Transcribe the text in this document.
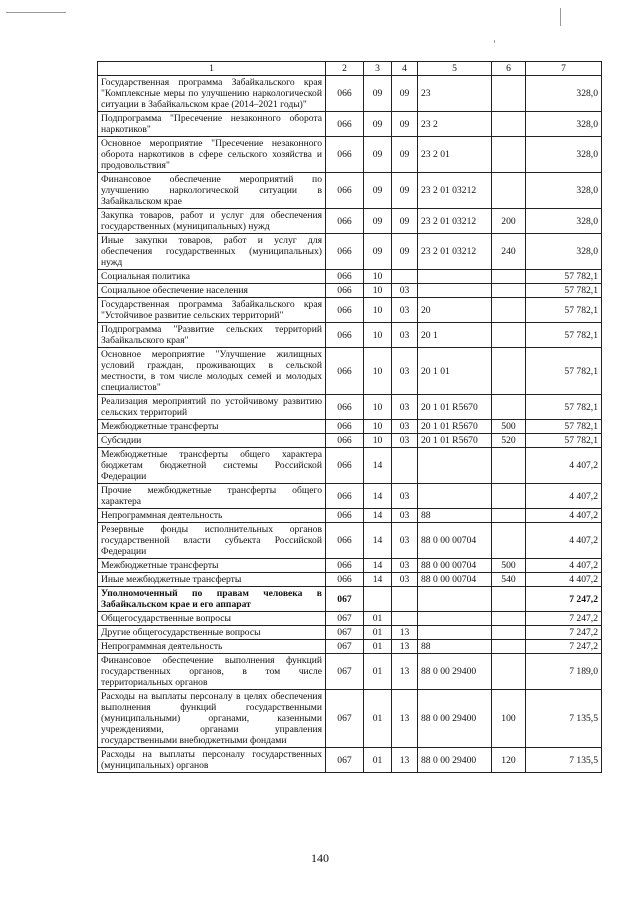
1	2	3	4	5	6	7
Государственная программа Забайкальского края "Комплексные меры по улучшению наркологической ситуации в Забайкальском крае (2014–2021 годы)"	066	09	09	23		328,0
Подпрограмма "Пресечение незаконного оборота наркотиков"	066	09	09	23 2		328,0
Основное мероприятие "Пресечение незаконного оборота наркотиков в сфере сельского хозяйства и продовольствия"	066	09	09	23 2 01		328,0
Финансовое обеспечение мероприятий по улучшению наркологической ситуации в Забайкальском крае	066	09	09	23 2 01 03212		328,0
Закупка товаров, работ и услуг для обеспечения государственных (муниципальных) нужд	066	09	09	23 2 01 03212	200	328,0
Иные закупки товаров, работ и услуг для обеспечения государственных (муниципальных) нужд	066	09	09	23 2 01 03212	240	328,0
Социальная политика	066	10				57 782,1
Социальное обеспечение населения	066	10	03			57 782,1
Государственная программа Забайкальского края "Устойчивое развитие сельских территорий"	066	10	03	20		57 782,1
Подпрограмма "Развитие сельских территорий Забайкальского края"	066	10	03	20 1		57 782,1
Основное мероприятие "Улучшение жилищных условий граждан, проживающих в сельской местности, в том числе молодых семей и молодых специалистов"	066	10	03	20 1 01		57 782,1
Реализация мероприятий по устойчивому развитию сельских территорий	066	10	03	20 1 01 R5670		57 782,1
Межбюджетные трансферты	066	10	03	20 1 01 R5670	500	57 782,1
Субсидии	066	10	03	20 1 01 R5670	520	57 782,1
Межбюджетные трансферты общего характера бюджетам бюджетной системы Российской Федерации	066	14				4 407,2
Прочие межбюджетные трансферты общего характера	066	14	03			4 407,2
Непрограммная деятельность	066	14	03	88		4 407,2
Резервные фонды исполнительных органов государственной власти субъекта Российской Федерации	066	14	03	88 0 00 00704		4 407,2
Межбюджетные трансферты	066	14	03	88 0 00 00704	500	4 407,2
Иные межбюджетные трансферты	066	14	03	88 0 00 00704	540	4 407,2
Уполномоченный по правам человека в Забайкальском крае и его аппарат	067					7 247,2
Общегосударственные вопросы	067	01				7 247,2
Другие общегосударственные вопросы	067	01	13			7 247,2
Непрограммная деятельность	067	01	13	88		7 247,2
Финансовое обеспечение выполнения функций государственных органов, в том числе территориальных органов	067	01	13	88 0 00 29400		7 189,0
Расходы на выплаты персоналу в целях обеспечения выполнения функций государственными (муниципальными) органами, казенными учреждениями, органами управления государственными внебюджетными фондами	067	01	13	88 0 00 29400	100	7 135,5
Расходы на выплаты персоналу государственных (муниципальных) органов	067	01	13	88 0 00 29400	120	7 135,5
140
